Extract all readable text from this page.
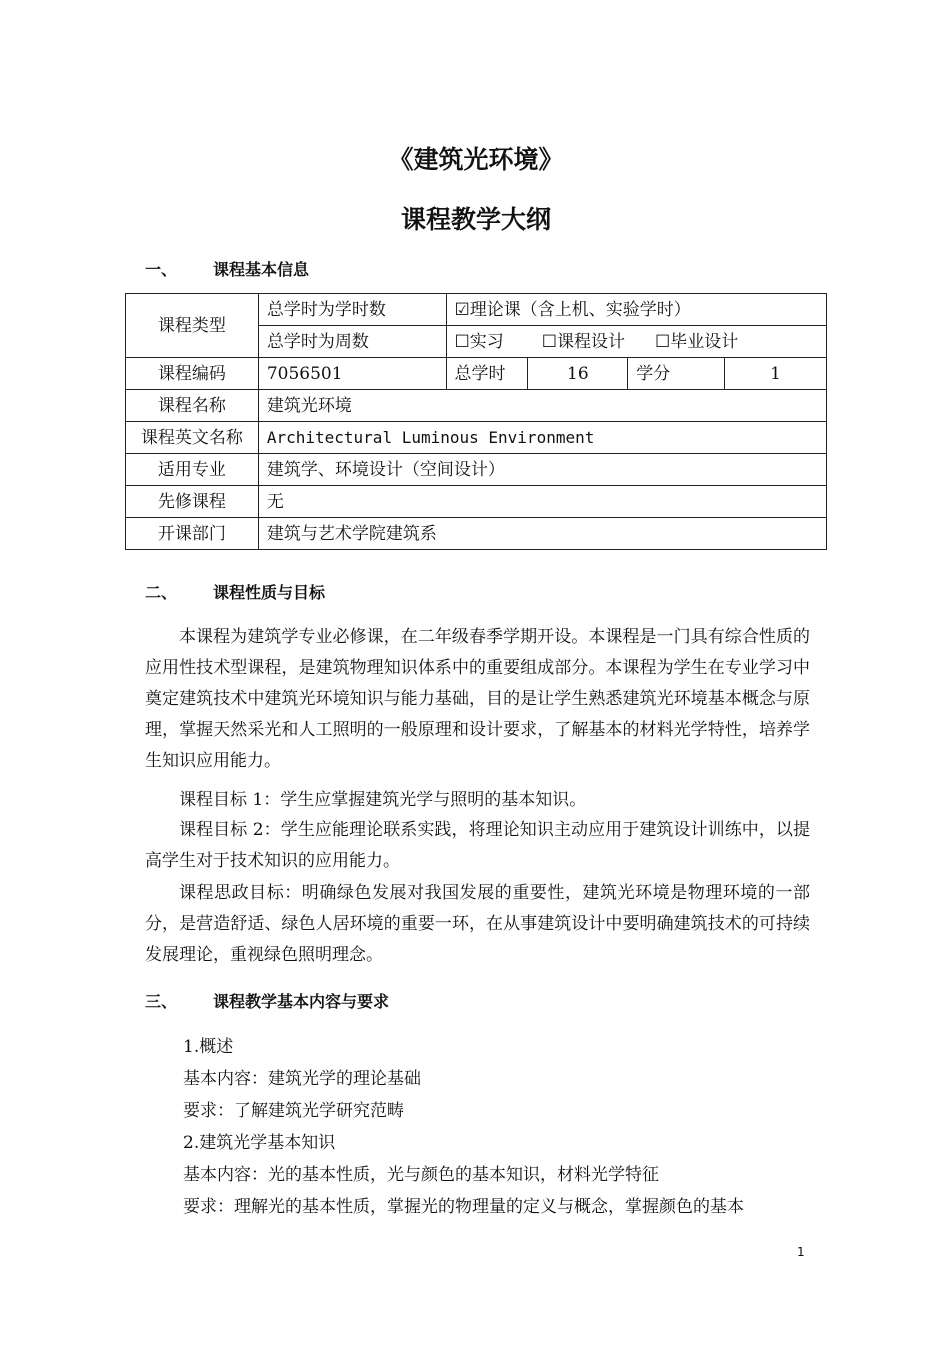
《建筑光环境》
课程教学大纲
一、 课程基本信息
课程类型	总学时为学时数	☑理论课（含上机、实验学时）			
	总学时为周数	☐实习 ☐课程设计 ☐毕业设计			
课程编码	7056501	总学时	16	学分	1
课程名称	建筑光环境				
课程英文名称	Architectural Luminous Environment				
适用专业	建筑学、环境设计（空间设计）				
先修课程	无				
开课部门	建筑与艺术学院建筑系				
二、 课程性质与目标
本课程为建筑学专业必修课，在二年级春季学期开设。本课程是一门具有综合性质的应用性技术型课程，是建筑物理知识体系中的重要组成部分。本课程为学生在专业学习中奠定建筑技术中建筑光环境知识与能力基础，目的是让学生熟悉建筑光环境基本概念与原理，掌握天然采光和人工照明的一般原理和设计要求，了解基本的材料光学特性，培养学生知识应用能力。
课程目标 1：学生应掌握建筑光学与照明的基本知识。
课程目标 2：学生应能理论联系实践，将理论知识主动应用于建筑设计训练中，以提高学生对于技术知识的应用能力。
课程思政目标：明确绿色发展对我国发展的重要性，建筑光环境是物理环境的一部分，是营造舒适、绿色人居环境的重要一环，在从事建筑设计中要明确建筑技术的可持续发展理论，重视绿色照明理念。
三、 课程教学基本内容与要求
1.概述
基本内容：建筑光学的理论基础
要求：了解建筑光学研究范畴
2.建筑光学基本知识
基本内容：光的基本性质，光与颜色的基本知识，材料光学特征
要求：理解光的基本性质，掌握光的物理量的定义与概念，掌握颜色的基本
1
